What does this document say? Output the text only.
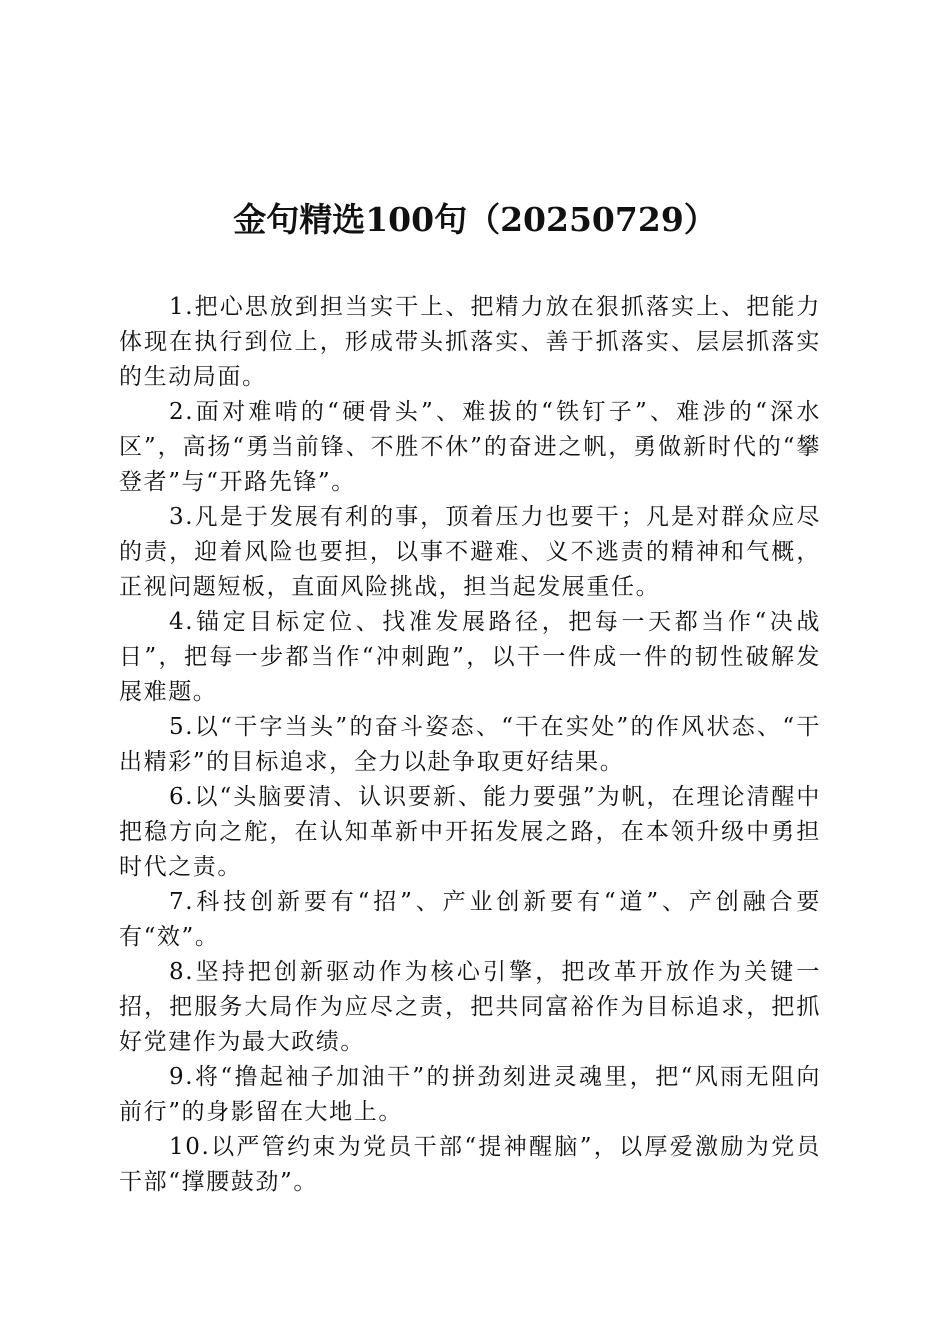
金句精选100句（20250729）

1.把心思放到担当实干上、把精力放在狠抓落实上、把能力体现在执行到位上，形成带头抓落实、善于抓落实、层层抓落实的生动局面。

2.面对难啃的“硬骨头”、难拔的“铁钉子”、难涉的“深水区”，高扬“勇当前锋、不胜不休”的奋进之帆，勇做新时代的“攀登者”与“开路先锋”。

3.凡是于发展有利的事，顶着压力也要干；凡是对群众应尽的责，迎着风险也要担，以事不避难、义不逃责的精神和气概，正视问题短板，直面风险挑战，担当起发展重任。

4.锚定目标定位、找准发展路径，把每一天都当作“决战日”，把每一步都当作“冲刺跑”，以干一件成一件的韧性破解发展难题。

5.以“干字当头”的奋斗姿态、“干在实处”的作风状态、“干出精彩”的目标追求，全力以赴争取更好结果。

6.以“头脑要清、认识要新、能力要强”为帆，在理论清醒中把稳方向之舵，在认知革新中开拓发展之路，在本领升级中勇担时代之责。

7.科技创新要有“招”、产业创新要有“道”、产创融合要有“效”。

8.坚持把创新驱动作为核心引擎，把改革开放作为关键一招，把服务大局作为应尽之责，把共同富裕作为目标追求，把抓好党建作为最大政绩。

9.将“撸起袖子加油干”的拼劲刻进灵魂里，把“风雨无阻向前行”的身影留在大地上。

10.以严管约束为党员干部“提神醒脑”，以厚爱激励为党员干部“撑腰鼓劲”。
